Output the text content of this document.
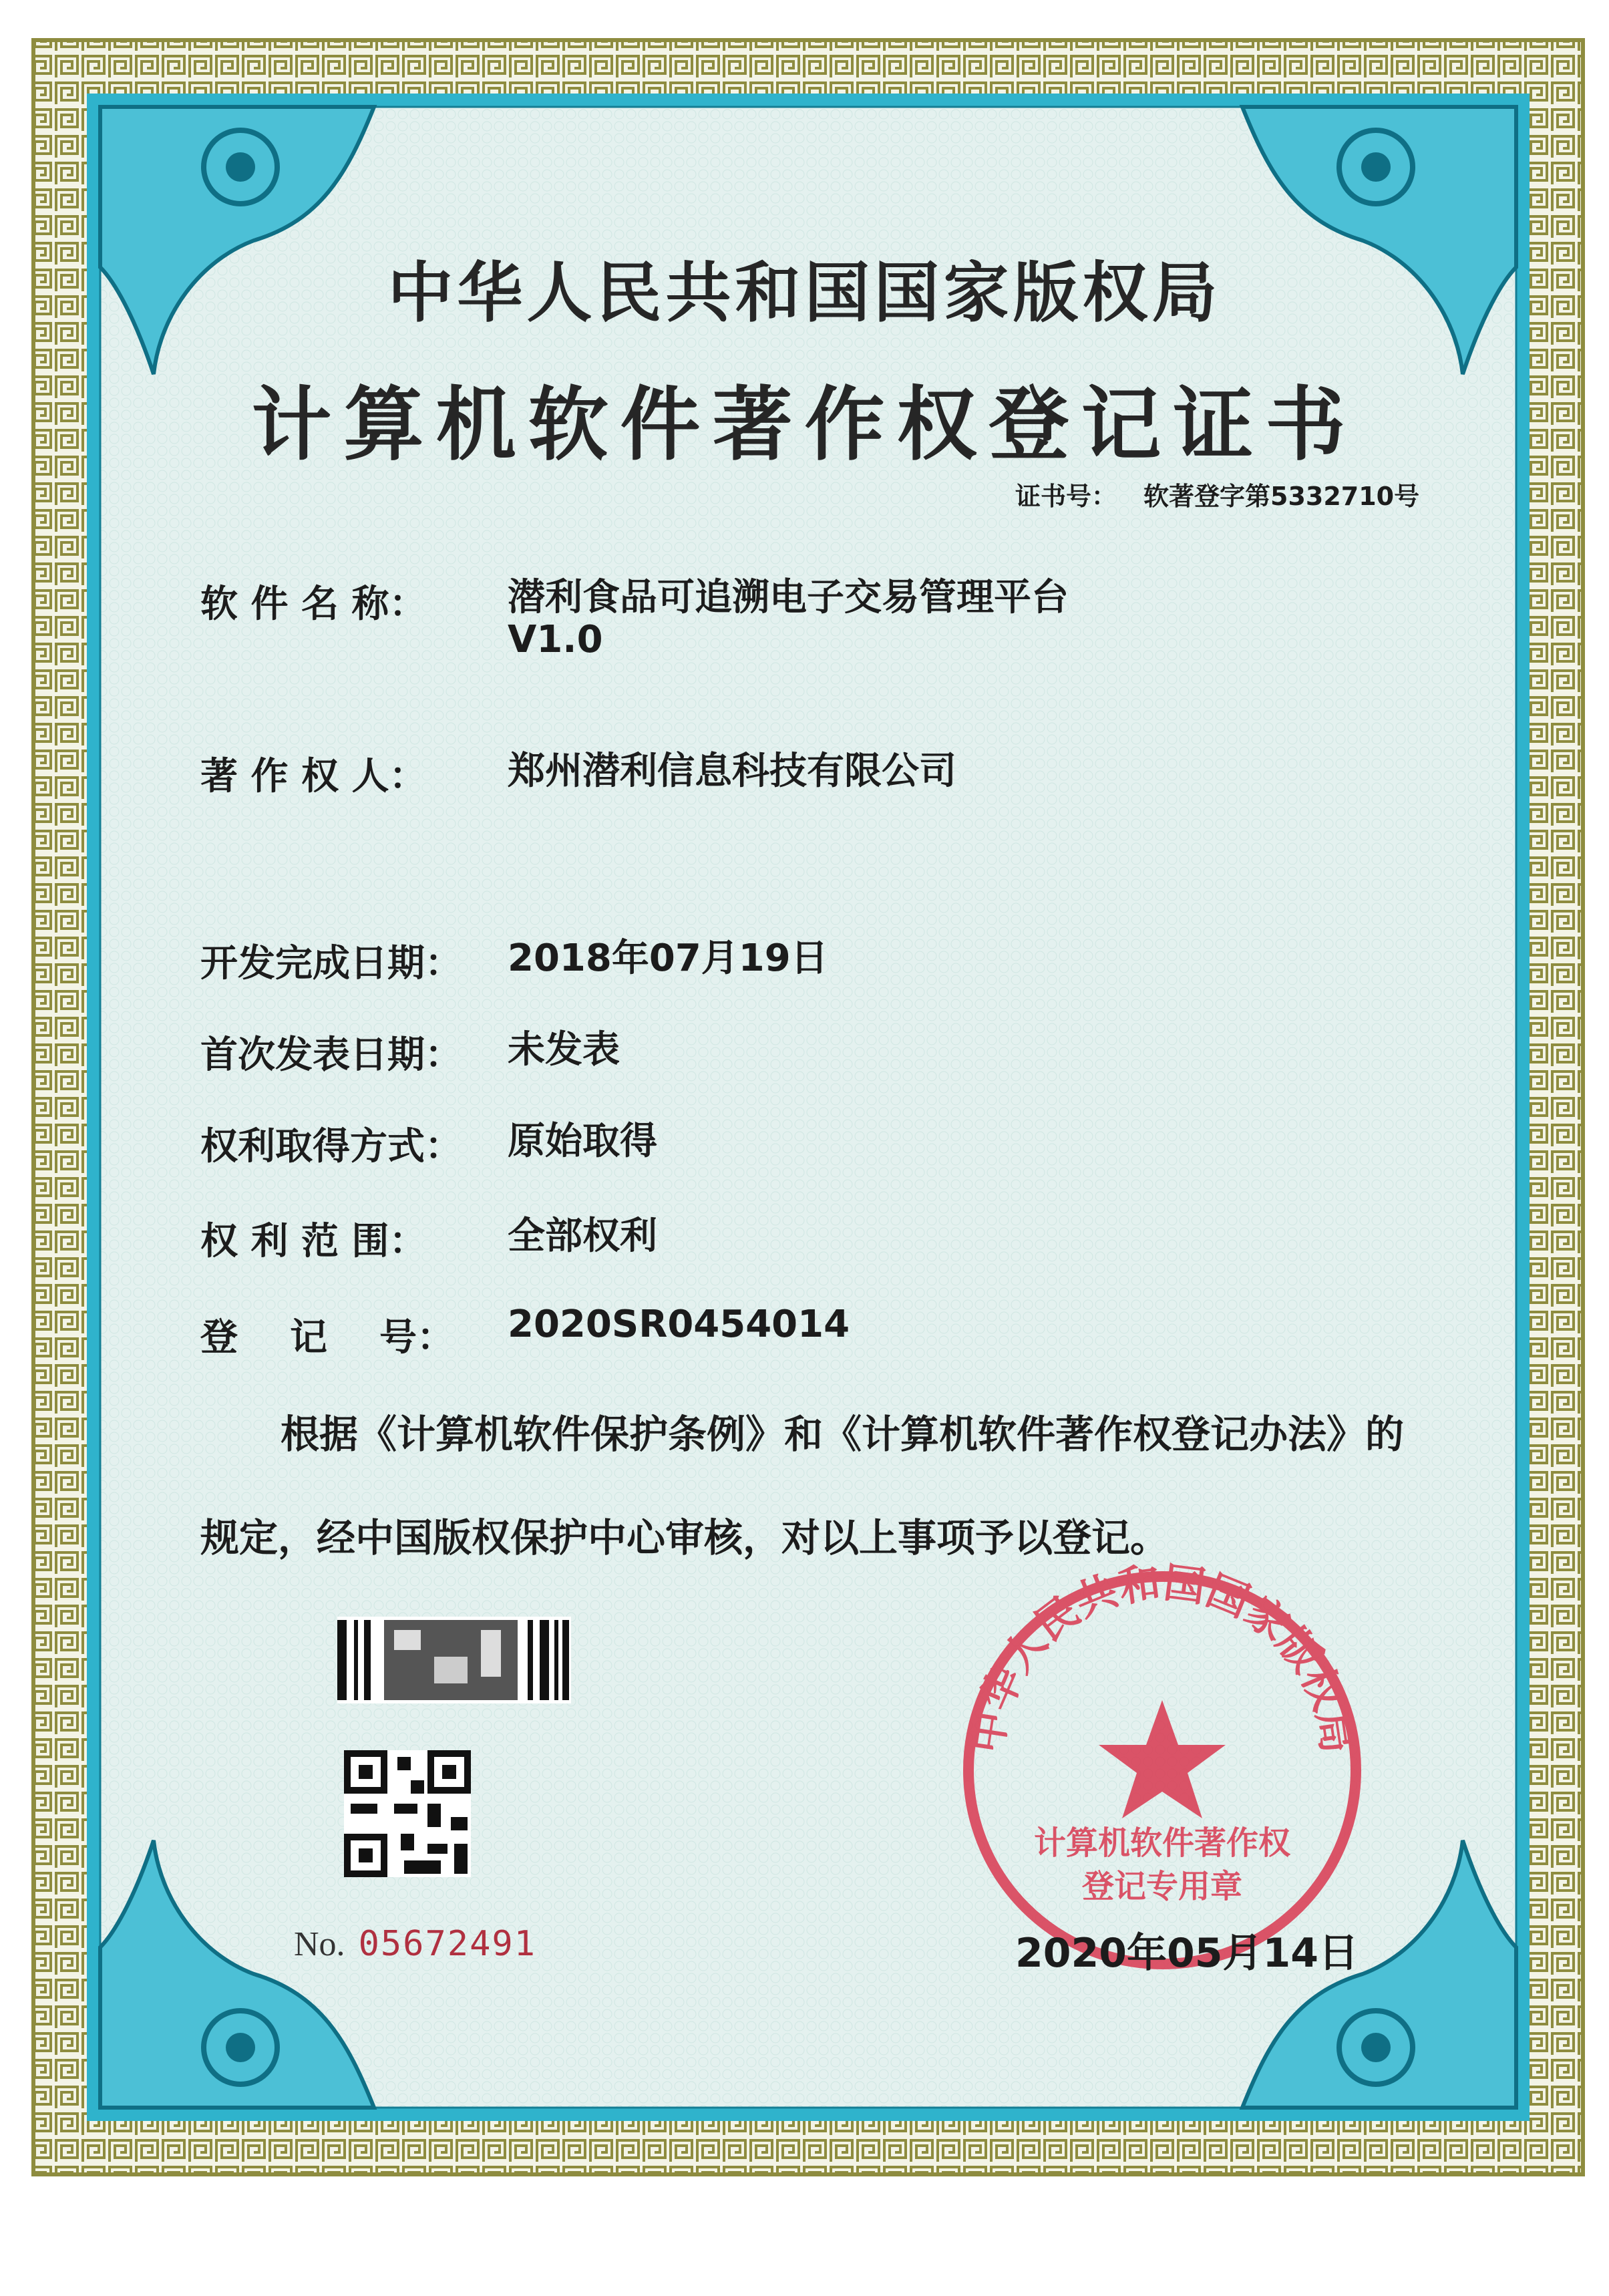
中华人民共和国国家版权局
计算机软件著作权
登记专用章
中华人民共和国国家版权局
计算机软件著作权登记证书
证书号： 软著登字第5332710号
软 件 名 称： 潜利食品可追溯电子交易管理平台
V1.0
著 作 权 人： 郑州潜利信息科技有限公司
开发完成日期： 2018年07月19日
首次发表日期： 未发表
权利取得方式： 原始取得
权 利 范 围： 全部权利
登    记    号： 2020SR0454014
根据《计算机软件保护条例》和《计算机软件著作权登记办法》的
规定，经中国版权保护中心审核，对以上事项予以登记。
No. 05672491	2020年05月14日
